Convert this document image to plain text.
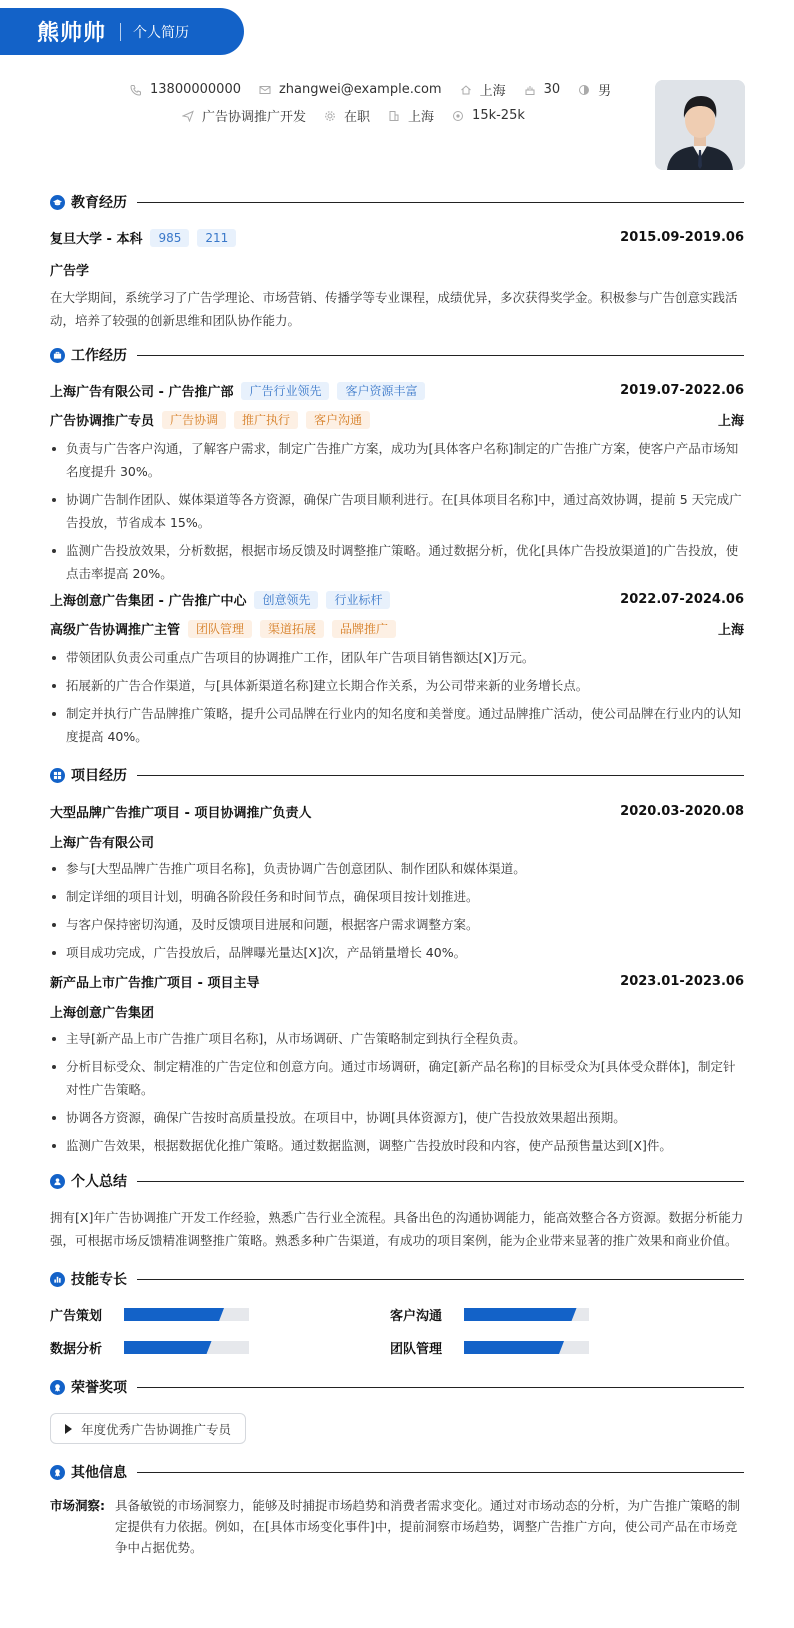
熊帅帅 个人简历
13800000000	zhangwei@example.com	上海	30	男
广告协调推广开发	在职	上海	15k-25k
教育经历
复旦大学 - 本科	985	211	2015.09-2019.06
广告学
在大学期间，系统学习了广告学理论、市场营销、传播学等专业课程，成绩优异，多次获得奖学金。积极参与广告创意实践活动，培养了较强的创新思维和团队协作能力。
工作经历
上海广告有限公司 - 广告推广部	广告行业领先	客户资源丰富	2019.07-2022.06
广告协调推广专员	广告协调	推广执行	客户沟通	上海
负责与广告客户沟通，了解客户需求，制定广告推广方案，成功为[具体客户名称]制定的广告推广方案，使客户产品市场知名度提升 30%。
协调广告制作团队、媒体渠道等各方资源，确保广告项目顺利进行。在[具体项目名称]中，通过高效协调，提前 5 天完成广告投放，节省成本 15%。
监测广告投放效果，分析数据，根据市场反馈及时调整推广策略。通过数据分析，优化[具体广告投放渠道]的广告投放，使点击率提高 20%。
上海创意广告集团 - 广告推广中心	创意领先	行业标杆	2022.07-2024.06
高级广告协调推广主管	团队管理	渠道拓展	品牌推广	上海
带领团队负责公司重点广告项目的协调推广工作，团队年广告项目销售额达[X]万元。
拓展新的广告合作渠道，与[具体新渠道名称]建立长期合作关系，为公司带来新的业务增长点。
制定并执行广告品牌推广策略，提升公司品牌在行业内的知名度和美誉度。通过品牌推广活动，使公司品牌在行业内的认知度提高 40%。
项目经历
大型品牌广告推广项目 - 项目协调推广负责人	2020.03-2020.08
上海广告有限公司
参与[大型品牌广告推广项目名称]，负责协调广告创意团队、制作团队和媒体渠道。
制定详细的项目计划，明确各阶段任务和时间节点，确保项目按计划推进。
与客户保持密切沟通，及时反馈项目进展和问题，根据客户需求调整方案。
项目成功完成，广告投放后，品牌曝光量达[X]次，产品销量增长 40%。
新产品上市广告推广项目 - 项目主导	2023.01-2023.06
上海创意广告集团
主导[新产品上市广告推广项目名称]，从市场调研、广告策略制定到执行全程负责。
分析目标受众、制定精准的广告定位和创意方向。通过市场调研，确定[新产品名称]的目标受众为[具体受众群体]，制定针对性广告策略。
协调各方资源，确保广告按时高质量投放。在项目中，协调[具体资源方]，使广告投放效果超出预期。
监测广告效果，根据数据优化推广策略。通过数据监测，调整广告投放时段和内容，使产品预售量达到[X]件。
个人总结
拥有[X]年广告协调推广开发工作经验，熟悉广告行业全流程。具备出色的沟通协调能力，能高效整合各方资源。数据分析能力强，可根据市场反馈精准调整推广策略。熟悉多种广告渠道，有成功的项目案例，能为企业带来显著的推广效果和商业价值。
技能专长
广告策划	客户沟通
数据分析	团队管理
荣誉奖项
年度优秀广告协调推广专员
其他信息
市场洞察: 具备敏锐的市场洞察力，能够及时捕捉市场趋势和消费者需求变化。通过对市场动态的分析，为广告推广策略的制定提供有力依据。例如，在[具体市场变化事件]中，提前洞察市场趋势，调整广告推广方向，使公司产品在市场竞争中占据优势。
